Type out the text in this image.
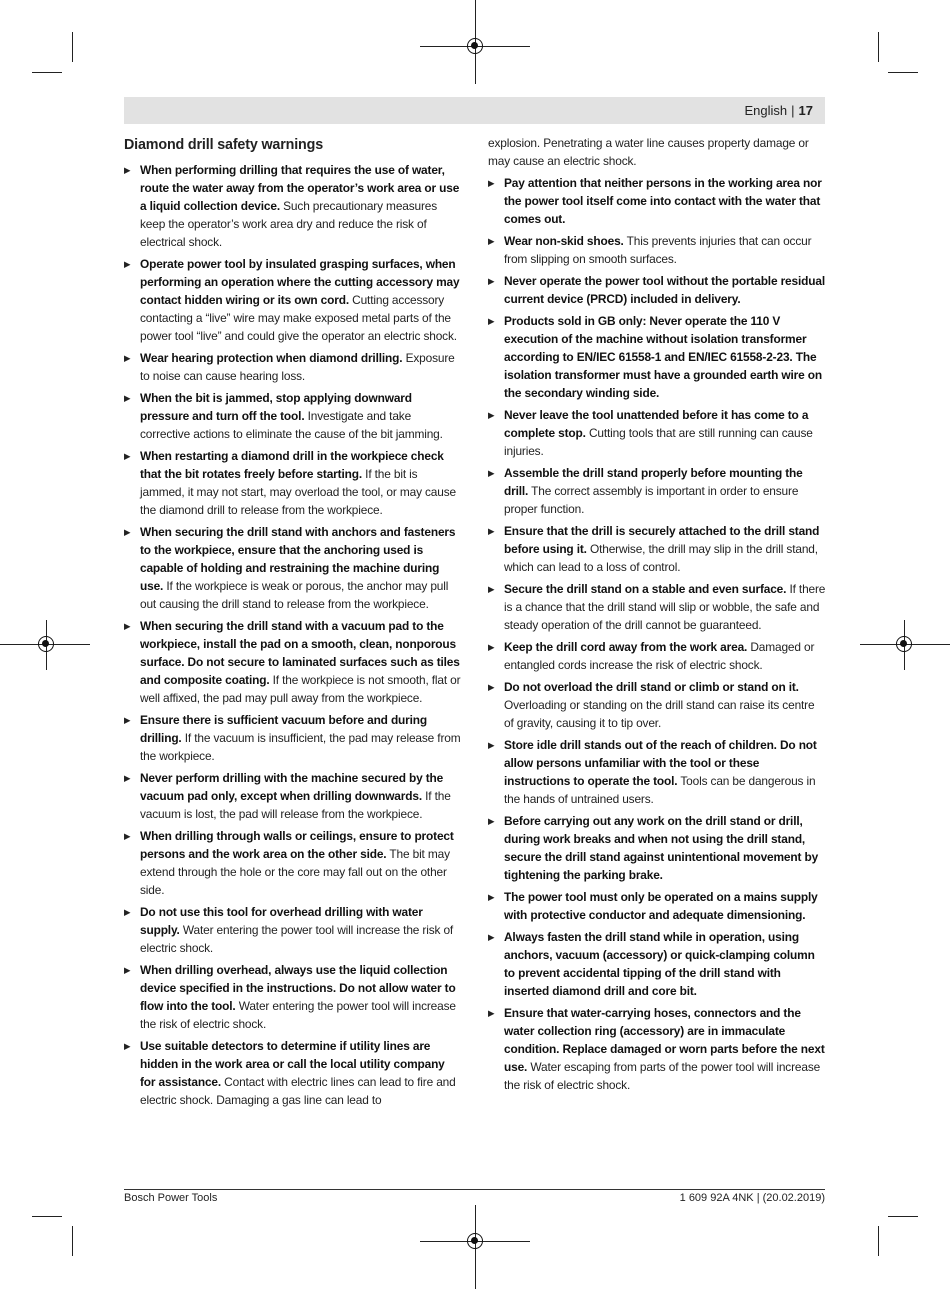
English | 17
Diamond drill safety warnings
▶ When performing drilling that requires the use of water, route the water away from the operator’s work area or use a liquid collection device. Such precautionary measures keep the operator’s work area dry and reduce the risk of electrical shock.
▶ Operate power tool by insulated grasping surfaces, when performing an operation where the cutting accessory may contact hidden wiring or its own cord. Cutting accessory contacting a “live” wire may make exposed metal parts of the power tool “live” and could give the operator an electric shock.
▶ Wear hearing protection when diamond drilling. Exposure to noise can cause hearing loss.
▶ When the bit is jammed, stop applying downward pressure and turn off the tool. Investigate and take corrective actions to eliminate the cause of the bit jamming.
▶ When restarting a diamond drill in the workpiece check that the bit rotates freely before starting. If the bit is jammed, it may not start, may overload the tool, or may cause the diamond drill to release from the workpiece.
▶ When securing the drill stand with anchors and fasteners to the workpiece, ensure that the anchoring used is capable of holding and restraining the machine during use. If the workpiece is weak or porous, the anchor may pull out causing the drill stand to release from the workpiece.
▶ When securing the drill stand with a vacuum pad to the workpiece, install the pad on a smooth, clean, nonporous surface. Do not secure to laminated surfaces such as tiles and composite coating. If the workpiece is not smooth, flat or well affixed, the pad may pull away from the workpiece.
▶ Ensure there is sufficient vacuum before and during drilling. If the vacuum is insufficient, the pad may release from the workpiece.
▶ Never perform drilling with the machine secured by the vacuum pad only, except when drilling downwards. If the vacuum is lost, the pad will release from the workpiece.
▶ When drilling through walls or ceilings, ensure to protect persons and the work area on the other side. The bit may extend through the hole or the core may fall out on the other side.
▶ Do not use this tool for overhead drilling with water supply. Water entering the power tool will increase the risk of electric shock.
▶ When drilling overhead, always use the liquid collection device specified in the instructions. Do not allow water to flow into the tool. Water entering the power tool will increase the risk of electric shock.
▶ Use suitable detectors to determine if utility lines are hidden in the work area or call the local utility company for assistance. Contact with electric lines can lead to fire and electric shock. Damaging a gas line can lead to
explosion. Penetrating a water line causes property damage or may cause an electric shock.
▶ Pay attention that neither persons in the working area nor the power tool itself come into contact with the water that comes out.
▶ Wear non-skid shoes. This prevents injuries that can occur from slipping on smooth surfaces.
▶ Never operate the power tool without the portable residual current device (PRCD) included in delivery.
▶ Products sold in GB only: Never operate the 110 V execution of the machine without isolation transformer according to EN/IEC 61558-1 and EN/IEC 61558-2-23. The isolation transformer must have a grounded earth wire on the secondary winding side.
▶ Never leave the tool unattended before it has come to a complete stop. Cutting tools that are still running can cause injuries.
▶ Assemble the drill stand properly before mounting the drill. The correct assembly is important in order to ensure proper function.
▶ Ensure that the drill is securely attached to the drill stand before using it. Otherwise, the drill may slip in the drill stand, which can lead to a loss of control.
▶ Secure the drill stand on a stable and even surface. If there is a chance that the drill stand will slip or wobble, the safe and steady operation of the drill cannot be guaranteed.
▶ Keep the drill cord away from the work area. Damaged or entangled cords increase the risk of electric shock.
▶ Do not overload the drill stand or climb or stand on it. Overloading or standing on the drill stand can raise its centre of gravity, causing it to tip over.
▶ Store idle drill stands out of the reach of children. Do not allow persons unfamiliar with the tool or these instructions to operate the tool. Tools can be dangerous in the hands of untrained users.
▶ Before carrying out any work on the drill stand or drill, during work breaks and when not using the drill stand, secure the drill stand against unintentional movement by tightening the parking brake.
▶ The power tool must only be operated on a mains supply with protective conductor and adequate dimensioning.
▶ Always fasten the drill stand while in operation, using anchors, vacuum (accessory) or quick-clamping column to prevent accidental tipping of the drill stand with inserted diamond drill and core bit.
▶ Ensure that water-carrying hoses, connectors and the water collection ring (accessory) are in immaculate condition. Replace damaged or worn parts before the next use. Water escaping from parts of the power tool will increase the risk of electric shock.
Bosch Power Tools	1 609 92A 4NK | (20.02.2019)
